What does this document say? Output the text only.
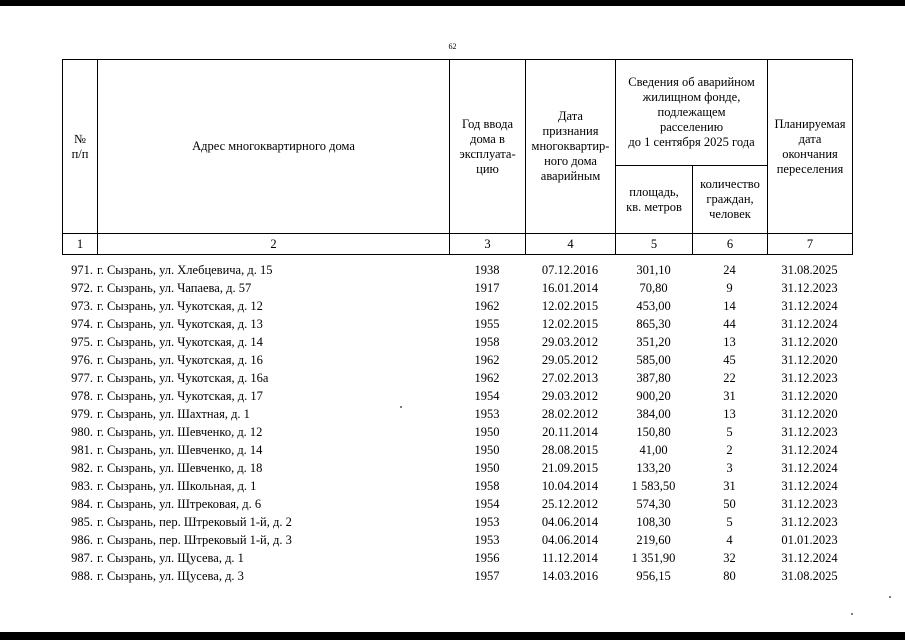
62
№
п/п	Адрес многоквартирного дома	Год ввода
дома в
эксплуата-
цию	Дата
признания
многоквартир-
ного дома
аварийным	Сведения об аварийном
жилищном фонде,
подлежащем
расселению
до 1 сентября 2025 года		Планируемая
дата
окончания
переселения
				площадь,
кв. метров	количество
граждан,
человек	
1	2	3	4	5	6	7
971.	г. Сызрань, ул. Хлебцевича, д. 15	1938	07.12.2016	301,10	24	31.08.2025
972.	г. Сызрань, ул. Чапаева, д. 57	1917	16.01.2014	70,80	9	31.12.2023
973.	г. Сызрань, ул. Чукотская, д. 12	1962	12.02.2015	453,00	14	31.12.2024
974.	г. Сызрань, ул. Чукотская, д. 13	1955	12.02.2015	865,30	44	31.12.2024
975.	г. Сызрань, ул. Чукотская, д. 14	1958	29.03.2012	351,20	13	31.12.2020
976.	г. Сызрань, ул. Чукотская, д. 16	1962	29.05.2012	585,00	45	31.12.2020
977.	г. Сызрань, ул. Чукотская, д. 16а	1962	27.02.2013	387,80	22	31.12.2023
978.	г. Сызрань, ул. Чукотская, д. 17	1954	29.03.2012	900,20	31	31.12.2020
979.	г. Сызрань, ул. Шахтная, д. 1	1953	28.02.2012	384,00	13	31.12.2020
980.	г. Сызрань, ул. Шевченко, д. 12	1950	20.11.2014	150,80	5	31.12.2023
981.	г. Сызрань, ул. Шевченко, д. 14	1950	28.08.2015	41,00	2	31.12.2024
982.	г. Сызрань, ул. Шевченко, д. 18	1950	21.09.2015	133,20	3	31.12.2024
983.	г. Сызрань, ул. Школьная, д. 1	1958	10.04.2014	1 583,50	31	31.12.2024
984.	г. Сызрань, ул. Штрековая, д. 6	1954	25.12.2012	574,30	50	31.12.2023
985.	г. Сызрань, пер. Штрековый 1-й, д. 2	1953	04.06.2014	108,30	5	31.12.2023
986.	г. Сызрань, пер. Штрековый 1-й, д. 3	1953	04.06.2014	219,60	4	01.01.2023
987.	г. Сызрань, ул. Щусева, д. 1	1956	11.12.2014	1 351,90	32	31.12.2024
988.	г. Сызрань, ул. Щусева, д. 3	1957	14.03.2016	956,15	80	31.08.2025
